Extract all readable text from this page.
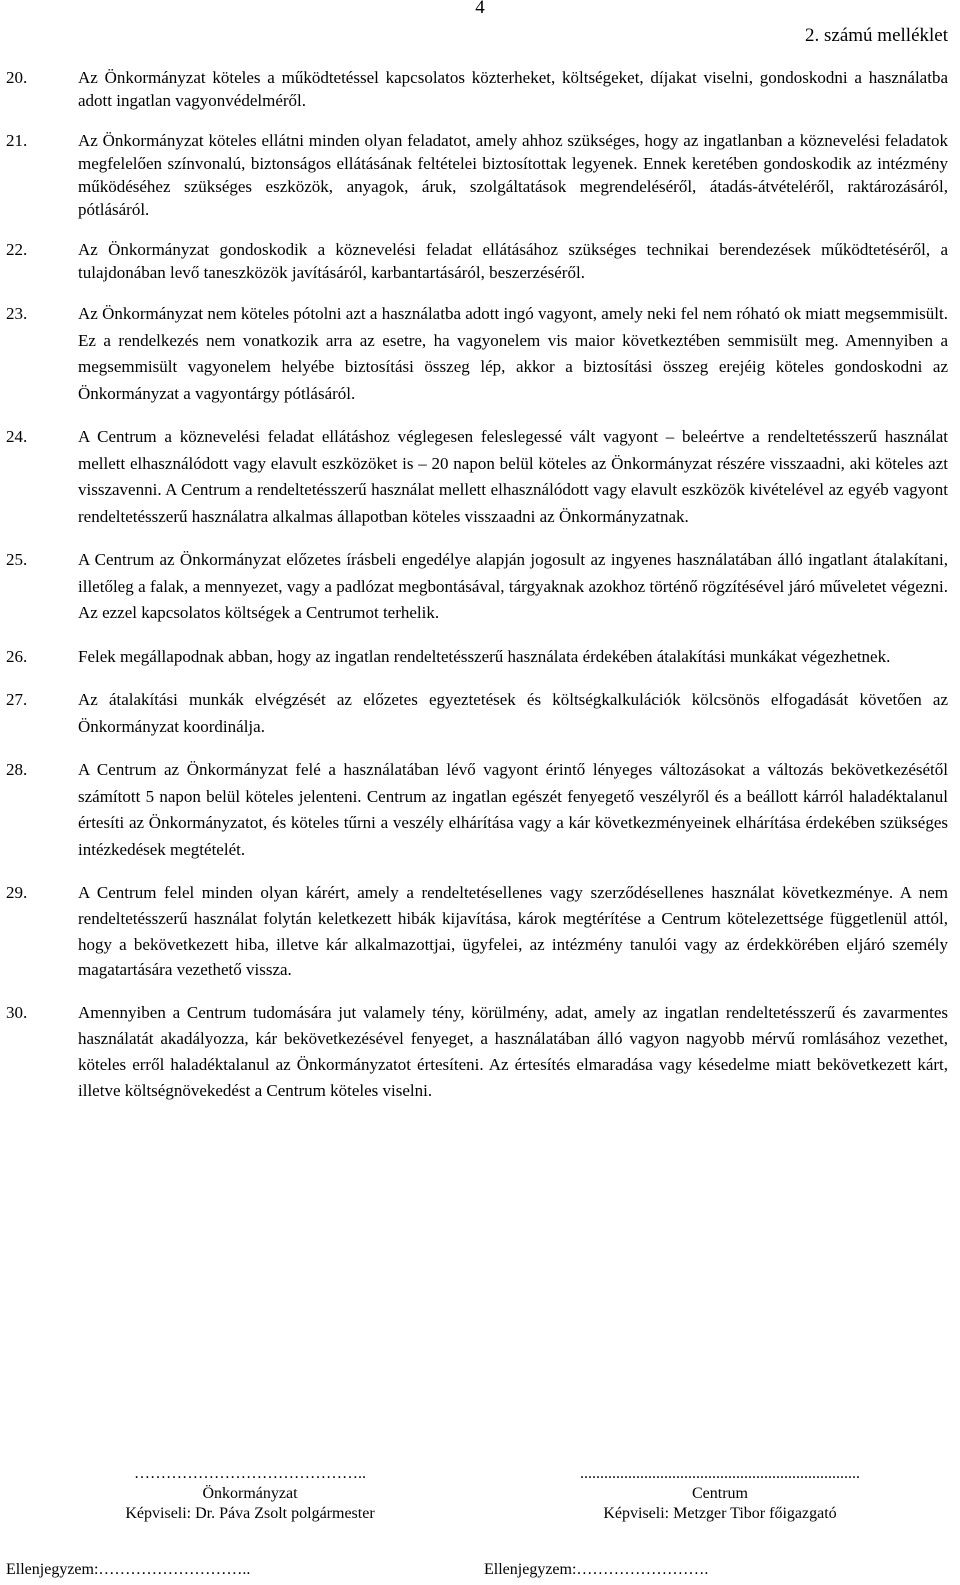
4
2. számú melléklet
20.	Az Önkormányzat köteles a működtetéssel kapcsolatos közterheket, költségeket, díjakat viselni, gondoskodni a használatba adott ingatlan vagyonvédelméről.
21.	Az Önkormányzat köteles ellátni minden olyan feladatot, amely ahhoz szükséges, hogy az ingatlanban a köznevelési feladatok megfelelően színvonalú, biztonságos ellátásának feltételei biztosítottak legyenek. Ennek keretében gondoskodik az intézmény működéséhez szükséges eszközök, anyagok, áruk, szolgáltatások megrendeléséről, átadás-átvételéről, raktározásáról, pótlásáról.
22.	Az Önkormányzat gondoskodik a köznevelési feladat ellátásához szükséges technikai berendezések működtetéséről, a tulajdonában levő taneszközök javításáról, karbantartásáról, beszerzéséről.
23.	Az Önkormányzat nem köteles pótolni azt a használatba adott ingó vagyont, amely neki fel nem róható ok miatt megsemmisült. Ez a rendelkezés nem vonatkozik arra az esetre, ha vagyonelem vis maior következtében semmisült meg. Amennyiben a megsemmisült vagyonelem helyébe biztosítási összeg lép, akkor a biztosítási összeg erejéig köteles gondoskodni az Önkormányzat a vagyontárgy pótlásáról.
24.	A Centrum a köznevelési feladat ellátáshoz véglegesen feleslegessé vált vagyont – beleértve a rendeltetésszerű használat mellett elhasználódott vagy elavult eszközöket is – 20 napon belül köteles az Önkormányzat részére visszaadni, aki köteles azt visszavenni. A Centrum a rendeltetésszerű használat mellett elhasználódott vagy elavult eszközök kivételével az egyéb vagyont rendeltetésszerű használatra alkalmas állapotban köteles visszaadni az Önkormányzatnak.
25.	A Centrum az Önkormányzat előzetes írásbeli engedélye alapján jogosult az ingyenes használatában álló ingatlant átalakítani, illetőleg a falak, a mennyezet, vagy a padlózat megbontásával, tárgyaknak azokhoz történő rögzítésével járó műveletet végezni. Az ezzel kapcsolatos költségek a Centrumot terhelik.
26.	Felek megállapodnak abban, hogy az ingatlan rendeltetésszerű használata érdekében átalakítási munkákat végezhetnek.
27.	Az átalakítási munkák elvégzését az előzetes egyeztetések és költségkalkulációk kölcsönös elfogadását követően az Önkormányzat koordinálja.
28.	A Centrum az Önkormányzat felé a használatában lévő vagyont érintő lényeges változásokat a változás bekövetkezésétől számított 5 napon belül köteles jelenteni. Centrum az ingatlan egészét fenyegető veszélyről és a beállott kárról haladéktalanul értesíti az Önkormányzatot, és köteles tűrni a veszély elhárítása vagy a kár következményeinek elhárítása érdekében szükséges intézkedések megtételét.
29.	A Centrum felel minden olyan kárért, amely a rendeltetésellenes vagy szerződésellenes használat következménye. A nem rendeltetésszerű használat folytán keletkezett hibák kijavítása, károk megtérítése a Centrum kötelezettsége függetlenül attól, hogy a bekövetkezett hiba, illetve kár alkalmazottjai, ügyfelei, az intézmény tanulói vagy az érdekkörében eljáró személy magatartására vezethető vissza.
30.	Amennyiben a Centrum tudomására jut valamely tény, körülmény, adat, amely az ingatlan rendeltetésszerű és zavarmentes használatát akadályozza, kár bekövetkezésével fenyeget, a használatában álló vagyon nagyobb mérvű romlásához vezethet, köteles erről haladéktalanul az Önkormányzatot értesíteni. Az értesítés elmaradása vagy késedelme miatt bekövetkezett kárt, illetve költségnövekedést a Centrum köteles viselni.
……………………………………..
Önkormányzat
Képviseli: Dr. Páva Zsolt polgármester
......................................................................
Centrum
Képviseli: Metzger Tibor főigazgató
Ellenjegyzem:………………………..	Ellenjegyzem:…………………….
